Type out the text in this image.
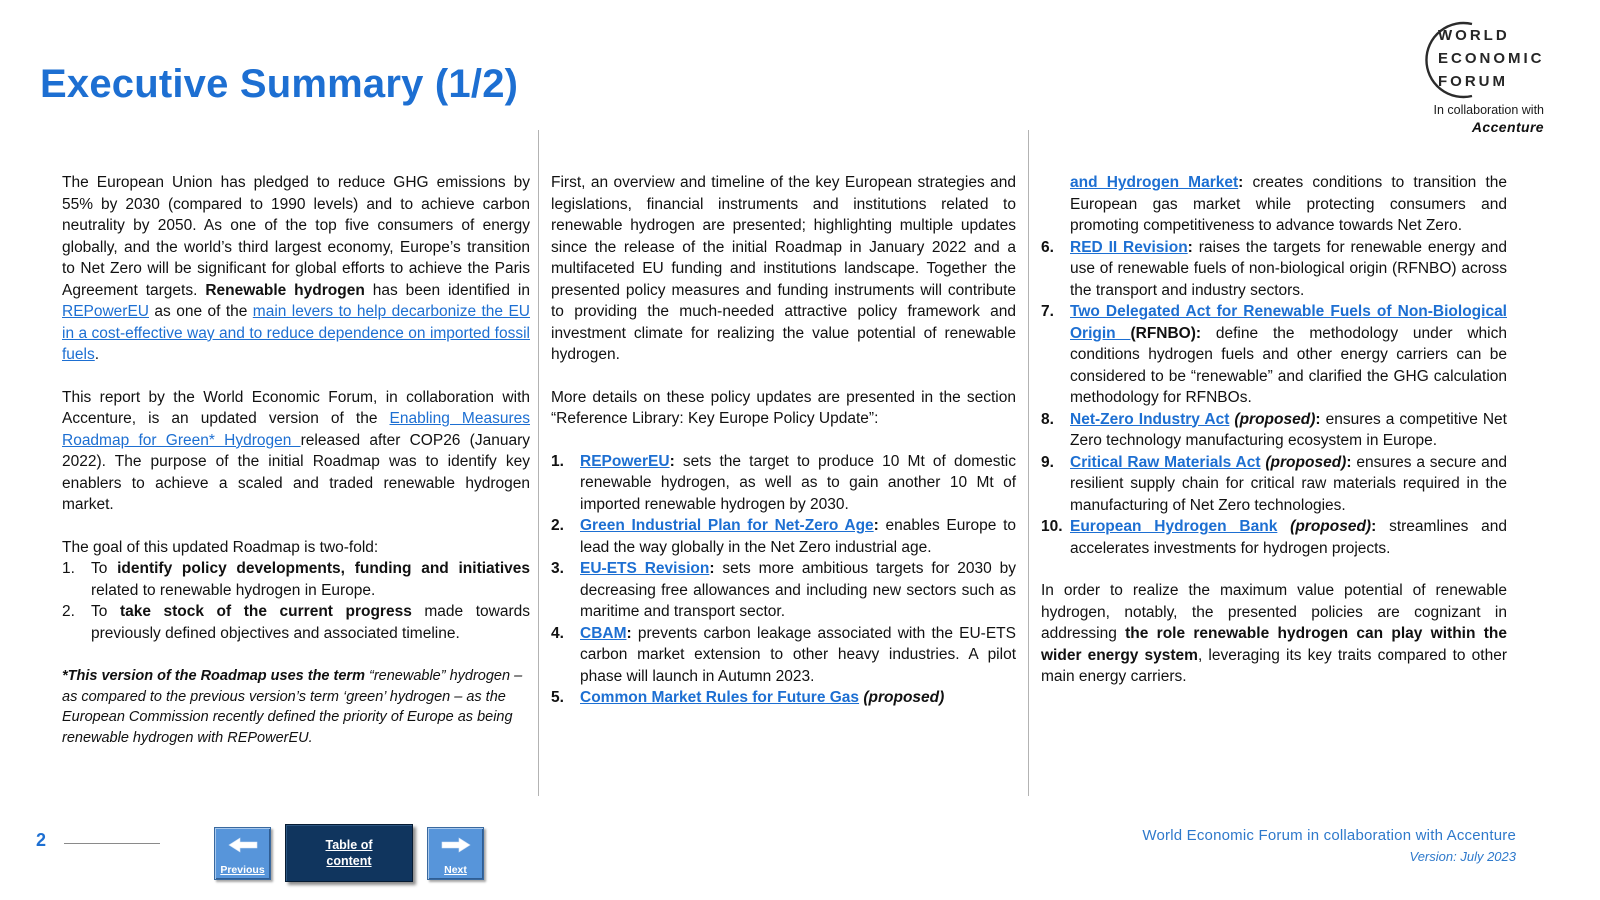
Executive Summary (1/2)
WORLD
ECONOMIC
FORUM
In collaboration with
Accenture

The European Union has pledged to reduce GHG emissions by 55% by 2030 (compared to 1990 levels) and to achieve carbon neutrality by 2050. As one of the top five consumers of energy globally, and the world’s third largest economy, Europe’s transition to Net Zero will be significant for global efforts to achieve the Paris Agreement targets. Renewable hydrogen has been identified in REPowerEU as one of the main levers to help decarbonize the EU in a cost-effective way and to reduce dependence on imported fossil fuels.

This report by the World Economic Forum, in collaboration with Accenture, is an updated version of the Enabling Measures Roadmap for Green* Hydrogen released after COP26 (January 2022). The purpose of the initial Roadmap was to identify key enablers to achieve a scaled and traded renewable hydrogen market.

The goal of this updated Roadmap is two-fold:

1.	To identify policy developments, funding and initiatives related to renewable hydrogen in Europe.

2.	To take stock of the current progress made towards previously defined objectives and associated timeline.

*This version of the Roadmap uses the term “renewable” hydrogen – as compared to the previous version’s term ‘green’ hydrogen – as the European Commission recently defined the priority of Europe as being renewable hydrogen with REPowerEU.

First, an overview and timeline of the key European strategies and legislations, financial instruments and institutions related to renewable hydrogen are presented; highlighting multiple updates since the release of the initial Roadmap in January 2022 and a multifaceted EU funding and institutions landscape. Together the presented policy measures and funding instruments will contribute to providing the much-needed attractive policy framework and investment climate for realizing the value potential of renewable hydrogen.

More details on these policy updates are presented in the section “Reference Library: Key Europe Policy Update”:

1.	REPowerEU: sets the target to produce 10 Mt of domestic renewable hydrogen, as well as to gain another 10 Mt of imported renewable hydrogen by 2030.

2.	Green Industrial Plan for Net-Zero Age: enables Europe to lead the way globally in the Net Zero industrial age.

3.	EU-ETS Revision: sets more ambitious targets for 2030 by decreasing free allowances and including new sectors such as maritime and transport sector.

4.	CBAM: prevents carbon leakage associated with the EU-ETS carbon market extension to other heavy industries. A pilot phase will launch in Autumn 2023.

5.	Common Market Rules for Future Gas (proposed)

and Hydrogen Market: creates conditions to transition the European gas market while protecting consumers and promoting competitiveness to advance towards Net Zero.

6.	RED II Revision: raises the targets for renewable energy and use of renewable fuels of non-biological origin (RFNBO) across the transport and industry sectors.

7.	Two Delegated Act for Renewable Fuels of Non-Biological Origin (RFNBO): define the methodology under which conditions hydrogen fuels and other energy carriers can be considered to be “renewable” and clarified the GHG calculation methodology for RFNBOs.

8.	Net-Zero Industry Act (proposed): ensures a competitive Net Zero technology manufacturing ecosystem in Europe.

9.	Critical Raw Materials Act (proposed): ensures a secure and resilient supply chain for critical raw materials required in the manufacturing of Net Zero technologies.

10. European Hydrogen Bank (proposed): streamlines and accelerates investments for hydrogen projects.

In order to realize the maximum value potential of renewable hydrogen, notably, the presented policies are cognizant in addressing the role renewable hydrogen can play within the wider energy system, leveraging its key traits compared to other main energy carriers.

2
Previous
Table of content
Next
World Economic Forum in collaboration with Accenture
Version: July 2023
